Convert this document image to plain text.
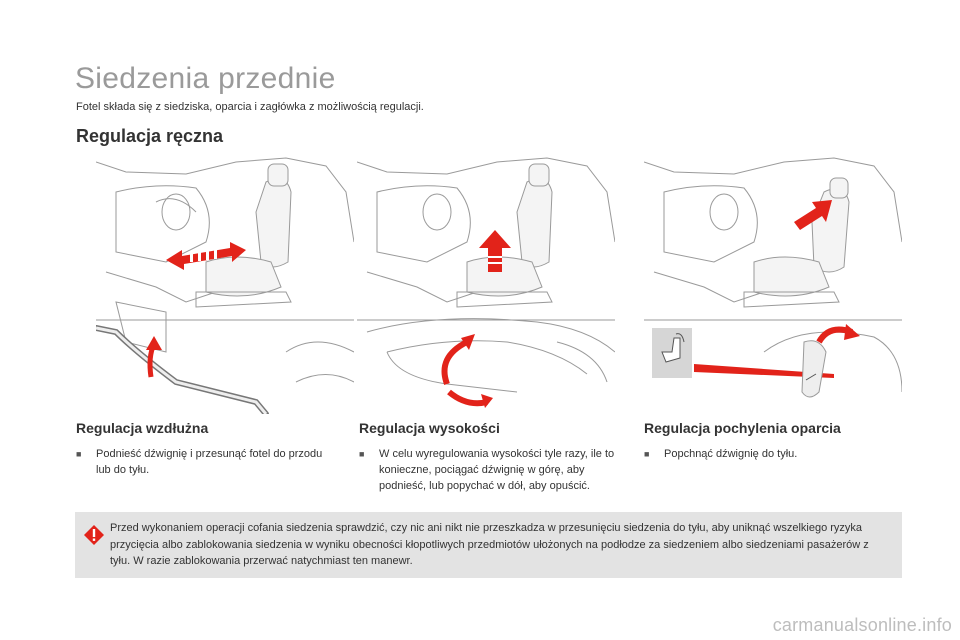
Siedzenia przednie
Fotel składa się z siedziska, oparcia i zagłówka z możliwością regulacji.
Regulacja ręczna
Regulacja wzdłużna
■	Podnieść dźwignię i przesunąć fotel do przodu lub do tyłu.
Regulacja wysokości
■	W celu wyregulowania wysokości tyle razy, ile to konieczne, pociągać dźwignię w górę, aby podnieść, lub popychać w dół, aby opuścić.
Regulacja pochylenia oparcia
■	Popchnąć dźwignię do tyłu.
Przed wykonaniem operacji cofania siedzenia sprawdzić, czy nic ani nikt nie przeszkadza w przesunięciu siedzenia do tyłu, aby uniknąć wszelkiego ryzyka przycięcia albo zablokowania siedzenia w wyniku obecności kłopotliwych przedmiotów ułożonych na podłodze za siedzeniem albo siedzeniami pasażerów z tyłu. W razie zablokowania przerwać natychmiast ten manewr.
carmanualsonline.info
